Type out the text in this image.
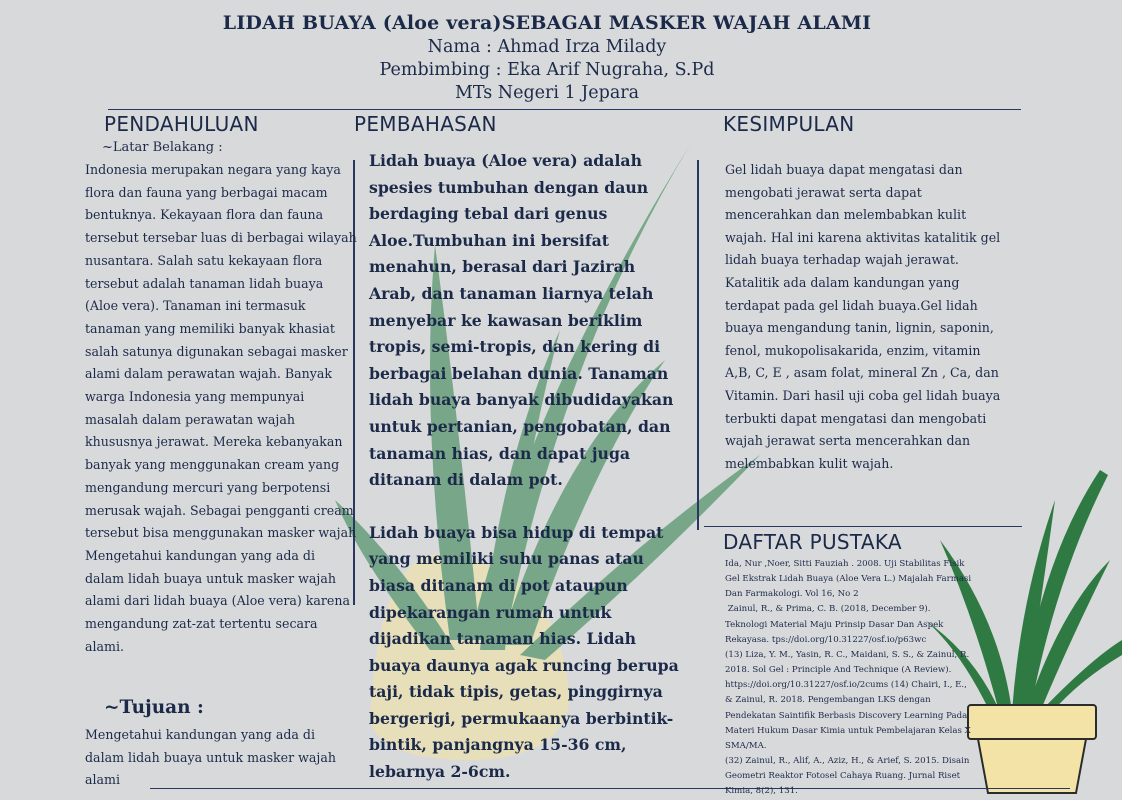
LIDAH BUAYA (Aloe vera)SEBAGAI MASKER WAJAH ALAMI
Nama : Ahmad Irza Milady
Pembimbing : Eka Arif Nugraha, S.Pd
MTs Negeri 1 Jepara
PENDAHULUAN
~Latar Belakang :
Indonesia merupakan negara yang kaya flora dan fauna yang berbagai macam bentuknya. Kekayaan flora dan fauna tersebut tersebar luas di berbagai wilayah nusantara. Salah satu kekayaan flora tersebut adalah tanaman lidah buaya (Aloe vera). Tanaman ini termasuk tanaman yang memiliki banyak khasiat salah satunya digunakan sebagai masker alami dalam perawatan wajah. Banyak warga Indonesia yang mempunyai masalah dalam perawatan wajah khususnya jerawat. Mereka kebanyakan banyak yang menggunakan cream yang mengandung mercuri yang berpotensi merusak wajah. Sebagai pengganti cream tersebut bisa menggunakan masker wajah Mengetahui kandungan yang ada di dalam lidah buaya untuk masker wajah alami dari lidah buaya (Aloe vera) karena mengandung zat-zat tertentu secara alami.
~Tujuan :
Mengetahui kandungan yang ada di dalam lidah buaya untuk masker wajah alami
PEMBAHASAN

Lidah buaya (Aloe vera) adalah spesies tumbuhan dengan daun berdaging tebal dari genus Aloe.Tumbuhan ini bersifat menahun, berasal dari Jazirah Arab, dan tanaman liarnya telah menyebar ke kawasan beriklim tropis, semi-tropis, dan kering di berbagai belahan dunia. Tanaman lidah buaya banyak dibudidayakan untuk pertanian, pengobatan, dan tanaman hias, dan dapat juga ditanam di dalam pot.

Lidah buaya bisa hidup di tempat yang memiliki suhu panas atau biasa ditanam di pot ataupun dipekarangan rumah untuk dijadikan tanaman hias. Lidah buaya daunya agak runcing berupa taji, tidak tipis, getas, pinggirnya bergerigi, permukaanya berbintik-bintik, panjangnya 15-36 cm, lebarnya 2-6cm.

KESIMPULAN
Gel lidah buaya dapat mengatasi dan mengobati jerawat serta dapat mencerahkan dan melembabkan kulit wajah. Hal ini karena aktivitas katalitik gel lidah buaya terhadap wajah jerawat. Katalitik ada dalam kandungan yang terdapat pada gel lidah buaya.Gel lidah buaya mengandung tanin, lignin, saponin, fenol, mukopolisakarida, enzim, vitamin A,B, C, E , asam folat, mineral Zn , Ca, dan Vitamin. Dari hasil uji coba gel lidah buaya terbukti dapat mengatasi dan mengobati wajah jerawat serta mencerahkan dan melembabkan kulit wajah.
DAFTAR PUSTAKA
Ida, Nur ,Noer, Sitti Fauziah . 2008. Uji Stabilitas Fisik Gel Ekstrak Lidah Buaya (Aloe Vera L.) Majalah Farmasi Dan Farmakologi. Vol 16, No 2
Zainul, R., & Prima, C. B. (2018, December 9). Teknologi Material Maju Prinsip Dasar Dan Aspek Rekayasa. tps://doi.org/10.31227/osf.io/p63wc
(13) Liza, Y. M., Yasin, R. C., Maidani, S. S., & Zainul, R. 2018. Sol Gel : Principle And Technique (A Review). https://doi.org/10.31227/osf.io/2cums (14) Chairi, I., E., & Zainul, R. 2018. Pengembangan LKS dengan Pendekatan Saintifik Berbasis Discovery Learning Pada Materi Hukum Dasar Kimia untuk Pembelajaran Kelas X SMA/MA.
(32) Zainul, R., Alif, A., Aziz, H., & Arief, S. 2015. Disain Geometri Reaktor Fotosel Cahaya Ruang. Jurnal Riset Kimia, 8(2), 131.
